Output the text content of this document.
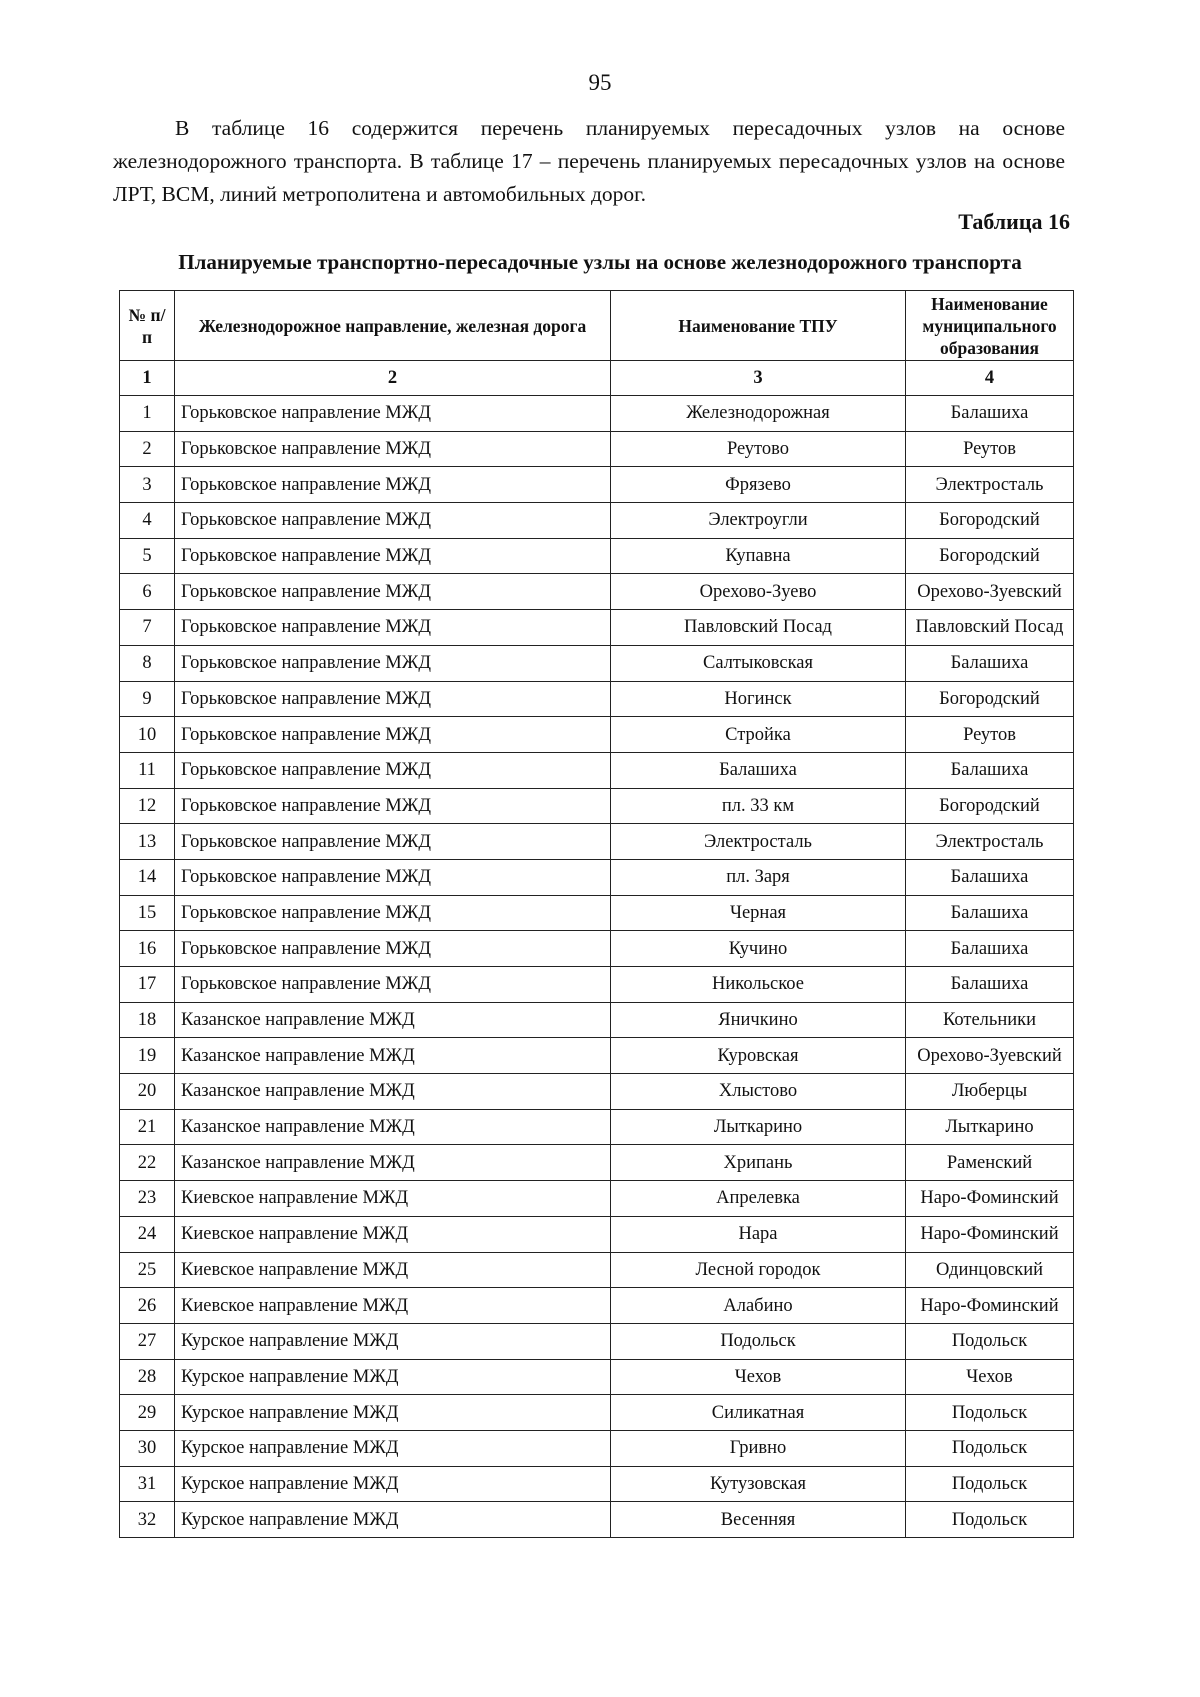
95

В таблице 16 содержится перечень планируемых пересадочных узлов на основе железнодорожного транспорта. В таблице 17 – перечень планируемых пересадочных узлов на основе ЛРТ, ВСМ, линий метрополитена и автомобильных дорог.

Таблица 16
Планируемые транспортно-пересадочные узлы на основе железнодорожного транспорта
№ п/п	Железнодорожное направление, железная дорога	Наименование ТПУ	Наименование муниципального образования
1	2	3	4
1	Горьковское направление МЖД	Железнодорожная	Балашиха
2	Горьковское направление МЖД	Реутово	Реутов
3	Горьковское направление МЖД	Фрязево	Электросталь
4	Горьковское направление МЖД	Электроугли	Богородский
5	Горьковское направление МЖД	Купавна	Богородский
6	Горьковское направление МЖД	Орехово-Зуево	Орехово-Зуевский
7	Горьковское направление МЖД	Павловский Посад	Павловский Посад
8	Горьковское направление МЖД	Салтыковская	Балашиха
9	Горьковское направление МЖД	Ногинск	Богородский
10	Горьковское направление МЖД	Стройка	Реутов
11	Горьковское направление МЖД	Балашиха	Балашиха
12	Горьковское направление МЖД	пл. 33 км	Богородский
13	Горьковское направление МЖД	Электросталь	Электросталь
14	Горьковское направление МЖД	пл. Заря	Балашиха
15	Горьковское направление МЖД	Черная	Балашиха
16	Горьковское направление МЖД	Кучино	Балашиха
17	Горьковское направление МЖД	Никольское	Балашиха
18	Казанское направление МЖД	Яничкино	Котельники
19	Казанское направление МЖД	Куровская	Орехово-Зуевский
20	Казанское направление МЖД	Хлыстово	Люберцы
21	Казанское направление МЖД	Лыткарино	Лыткарино
22	Казанское направление МЖД	Хрипань	Раменский
23	Киевское направление МЖД	Апрелевка	Наро-Фоминский
24	Киевское направление МЖД	Нара	Наро-Фоминский
25	Киевское направление МЖД	Лесной городок	Одинцовский
26	Киевское направление МЖД	Алабино	Наро-Фоминский
27	Курское направление МЖД	Подольск	Подольск
28	Курское направление МЖД	Чехов	Чехов
29	Курское направление МЖД	Силикатная	Подольск
30	Курское направление МЖД	Гривно	Подольск
31	Курское направление МЖД	Кутузовская	Подольск
32	Курское направление МЖД	Весенняя	Подольск
